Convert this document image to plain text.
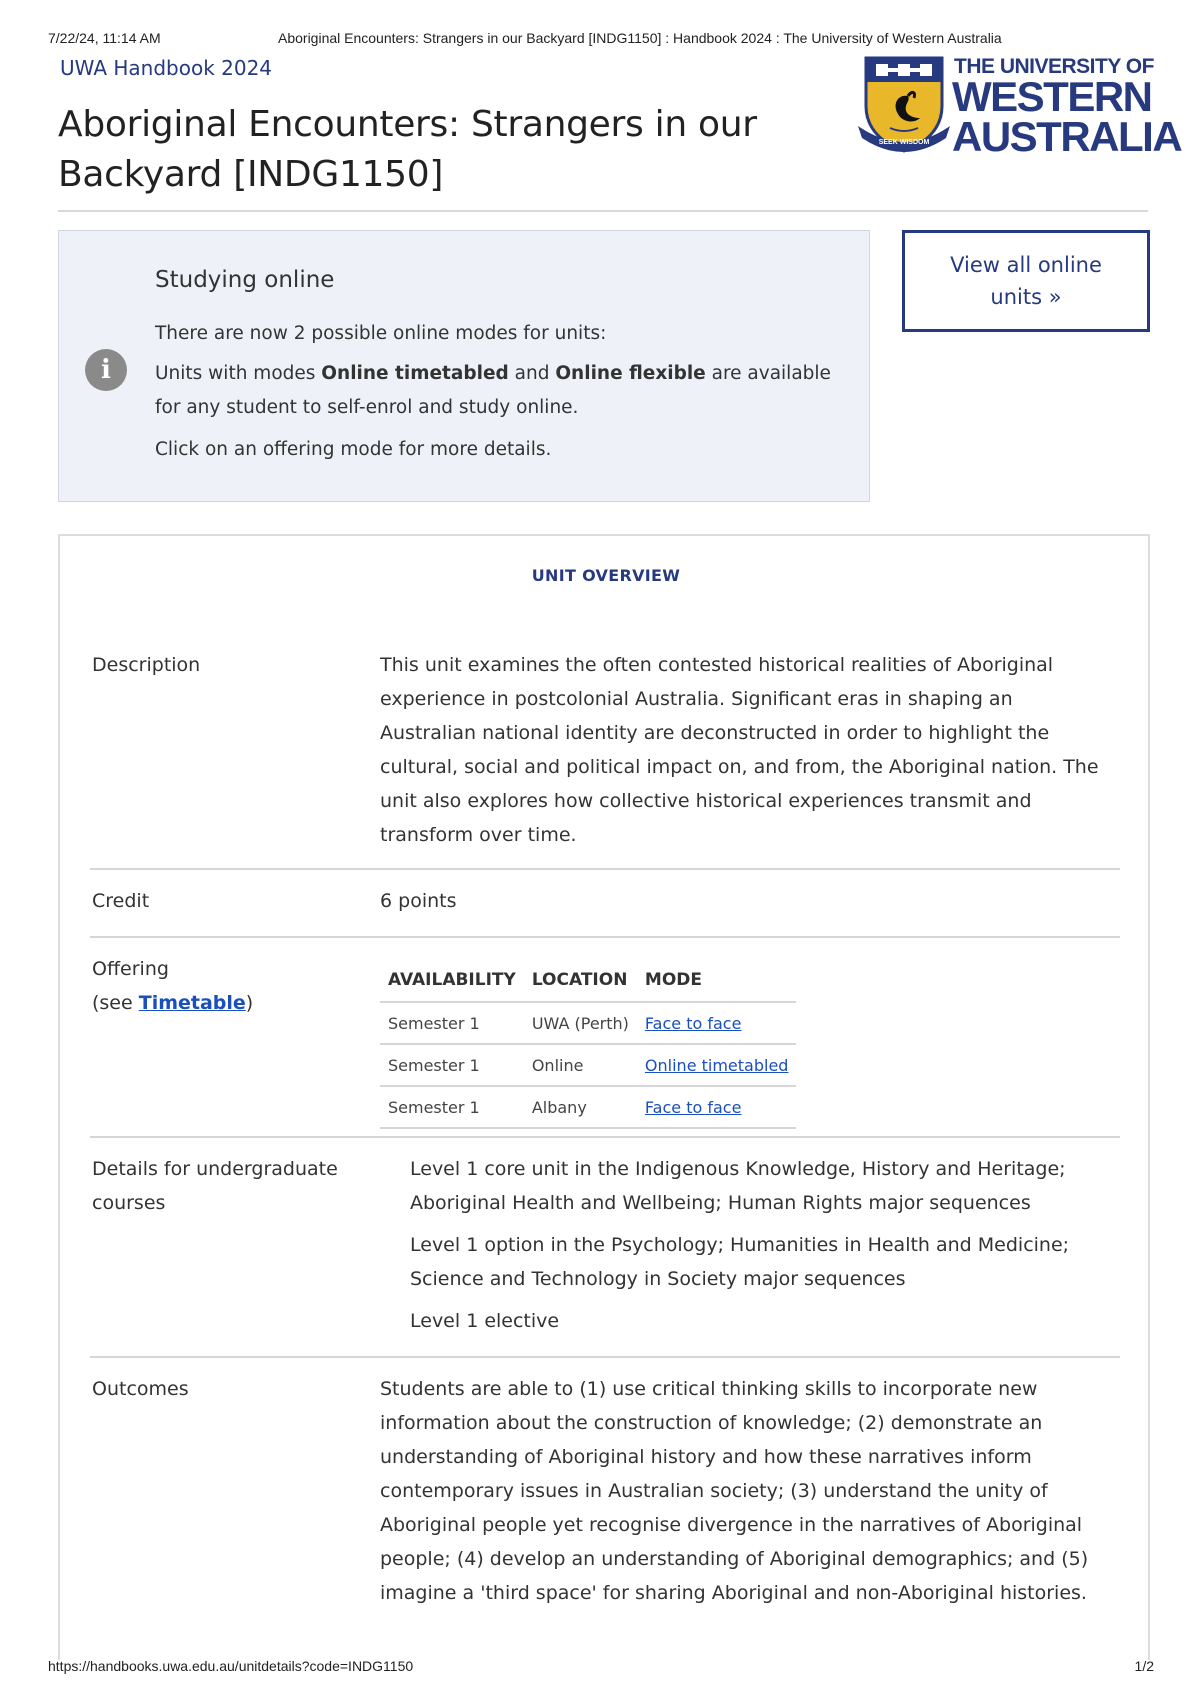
7/22/24, 11:14 AM	Aboriginal Encounters: Strangers in our Backyard [INDG1150] : Handbook 2024 : The University of Western Australia
UWA Handbook 2024
Aboriginal Encounters: Strangers in our
Backyard [INDG1150]
SEEK WISDOM
THE UNIVERSITY OF
WESTERN
AUSTRALIA
i
Studying online

There are now 2 possible online modes for units:

Units with modes Online timetabled and Online flexible are available for any student to self-enrol and study online.

Click on an offering mode for more details.

View all online
units »
UNIT OVERVIEW
Description	This unit examines the often contested historical realities of Aboriginal experience in postcolonial Australia. Significant eras in shaping an Australian national identity are deconstructed in order to highlight the cultural, social and political impact on, and from, the Aboriginal nation. The unit also explores how collective historical experiences transmit and transform over time.
Credit	6 points
Offering
(see Timetable)
AVAILABILITY	LOCATION	MODE
Semester 1	UWA (Perth)	Face to face
Semester 1	Online	Online timetabled
Semester 1	Albany	Face to face
Details for undergraduate
courses

Level 1 core unit in the Indigenous Knowledge, History and Heritage; Aboriginal Health and Wellbeing; Human Rights major sequences

Level 1 option in the Psychology; Humanities in Health and Medicine; Science and Technology in Society major sequences

Level 1 elective

Outcomes	Students are able to (1) use critical thinking skills to incorporate new information about the construction of knowledge; (2) demonstrate an understanding of Aboriginal history and how these narratives inform contemporary issues in Australian society; (3) understand the unity of Aboriginal people yet recognise divergence in the narratives of Aboriginal people; (4) develop an understanding of Aboriginal demographics; and (5) imagine a 'third space' for sharing Aboriginal and non-Aboriginal histories.
https://handbooks.uwa.edu.au/unitdetails?code=INDG1150	1/2
